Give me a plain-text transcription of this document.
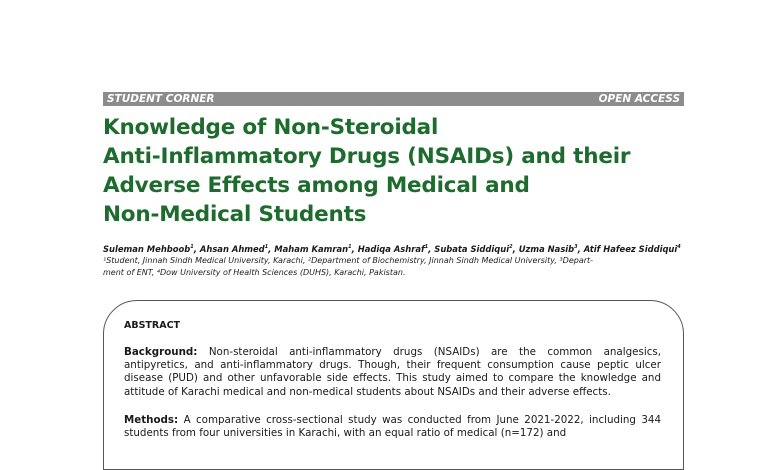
STUDENT CORNER	OPEN ACCESS
Knowledge of Non-Steroidal
Anti-Inflammatory Drugs (NSAIDs) and their
Adverse Effects among Medical and
Non-Medical Students
Suleman Mehboob$^1$, Ahsan Ahmed$^1$, Maham Kamran$^1$, Hadiqa Ashraf$^1$, Subata Siddiqui$^2$, Uzma Nasib$^3$, Atif Hafeez Siddiqui$^4$
¹Student, Jinnah Sindh Medical University, Karachi, ²Department of Biochemistry, Jinnah Sindh Medical University, ³Depart-
ment of ENT, ⁴Dow University of Health Sciences (DUHS), Karachi, Pakistan.
ABSTRACT

Background: Non-steroidal anti-inflammatory drugs (NSAIDs) are the common analgesics, antipyretics, and anti-inflammatory drugs. Though, their frequent consumption cause peptic ulcer disease (PUD) and other unfavorable side effects. This study aimed to compare the knowledge and attitude of Karachi medical and non-medical students about NSAIDs and their adverse effects.

Methods: A comparative cross-sectional study was conducted from June 2021-2022, including 344 students from four universities in Karachi, with an equal ratio of medical (n=172) and
